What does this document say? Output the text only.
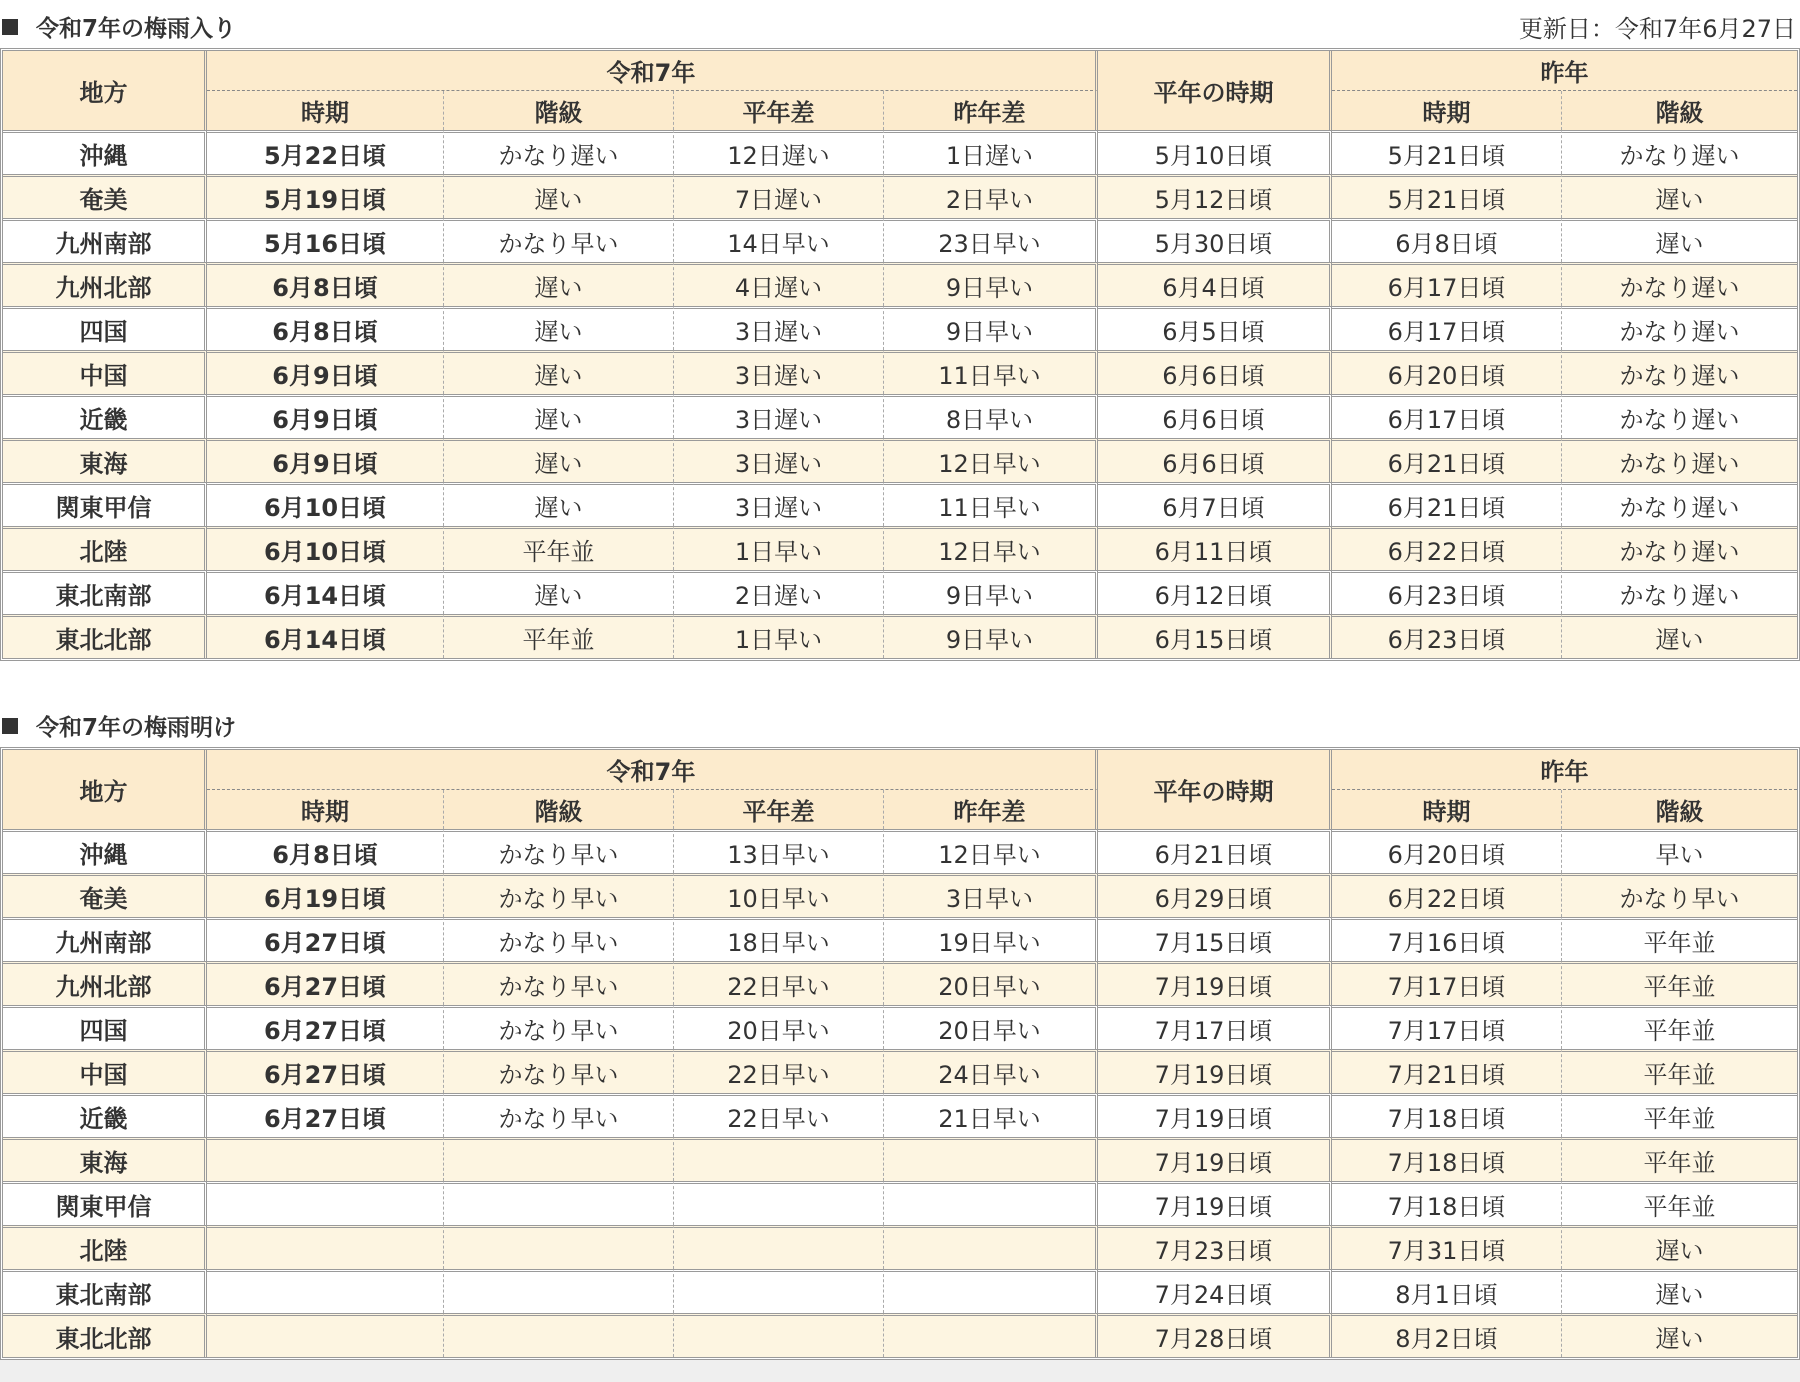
令和7年の梅雨入り	更新日：令和7年6月27日
地方	令和7年				平年の時期	昨年	
	時期	階級	平年差	昨年差		時期	階級
沖縄	5月22日頃	かなり遅い	12日遅い	1日遅い	5月10日頃	5月21日頃	かなり遅い
奄美	5月19日頃	遅い	7日遅い	2日早い	5月12日頃	5月21日頃	遅い
九州南部	5月16日頃	かなり早い	14日早い	23日早い	5月30日頃	6月8日頃	遅い
九州北部	6月8日頃	遅い	4日遅い	9日早い	6月4日頃	6月17日頃	かなり遅い
四国	6月8日頃	遅い	3日遅い	9日早い	6月5日頃	6月17日頃	かなり遅い
中国	6月9日頃	遅い	3日遅い	11日早い	6月6日頃	6月20日頃	かなり遅い
近畿	6月9日頃	遅い	3日遅い	8日早い	6月6日頃	6月17日頃	かなり遅い
東海	6月9日頃	遅い	3日遅い	12日早い	6月6日頃	6月21日頃	かなり遅い
関東甲信	6月10日頃	遅い	3日遅い	11日早い	6月7日頃	6月21日頃	かなり遅い
北陸	6月10日頃	平年並	1日早い	12日早い	6月11日頃	6月22日頃	かなり遅い
東北南部	6月14日頃	遅い	2日遅い	9日早い	6月12日頃	6月23日頃	かなり遅い
東北北部	6月14日頃	平年並	1日早い	9日早い	6月15日頃	6月23日頃	遅い
令和7年の梅雨明け
地方	令和7年				平年の時期	昨年	
	時期	階級	平年差	昨年差		時期	階級
沖縄	6月8日頃	かなり早い	13日早い	12日早い	6月21日頃	6月20日頃	早い
奄美	6月19日頃	かなり早い	10日早い	3日早い	6月29日頃	6月22日頃	かなり早い
九州南部	6月27日頃	かなり早い	18日早い	19日早い	7月15日頃	7月16日頃	平年並
九州北部	6月27日頃	かなり早い	22日早い	20日早い	7月19日頃	7月17日頃	平年並
四国	6月27日頃	かなり早い	20日早い	20日早い	7月17日頃	7月17日頃	平年並
中国	6月27日頃	かなり早い	22日早い	24日早い	7月19日頃	7月21日頃	平年並
近畿	6月27日頃	かなり早い	22日早い	21日早い	7月19日頃	7月18日頃	平年並
東海					7月19日頃	7月18日頃	平年並
関東甲信					7月19日頃	7月18日頃	平年並
北陸					7月23日頃	7月31日頃	遅い
東北南部					7月24日頃	8月1日頃	遅い
東北北部					7月28日頃	8月2日頃	遅い
